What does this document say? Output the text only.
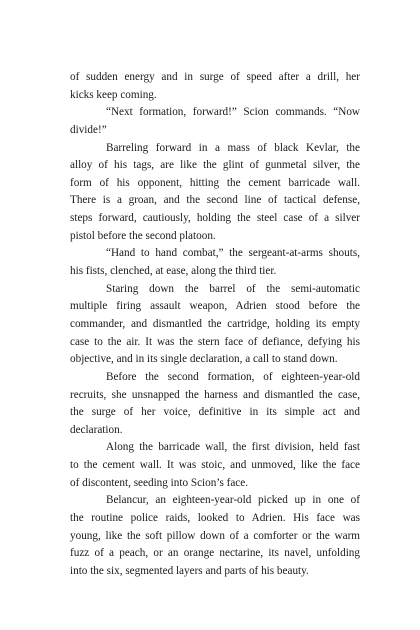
of sudden energy and in surge of speed after a drill, her
kicks keep coming.
“Next formation, forward!” Scion commands. “Now
divide!”
Barreling forward in a mass of black Kevlar, the
alloy of his tags, are like the glint of gunmetal silver, the
form of his opponent, hitting the cement barricade wall.
There is a groan, and the second line of tactical defense,
steps forward, cautiously, holding the steel case of a silver
pistol before the second platoon.
“Hand to hand combat,” the sergeant-at-arms shouts,
his fists, clenched, at ease, along the third tier.
Staring down the barrel of the semi-automatic
multiple firing assault weapon, Adrien stood before the
commander, and dismantled the cartridge, holding its empty
case to the air. It was the stern face of defiance, defying his
objective, and in its single declaration, a call to stand down.
Before the second formation, of eighteen-year-old
recruits, she unsnapped the harness and dismantled the case,
the surge of her voice, definitive in its simple act and
declaration.
Along the barricade wall, the first division, held fast
to the cement wall. It was stoic, and unmoved, like the face
of discontent, seeding into Scion’s face.
Belancur, an eighteen-year-old picked up in one of
the routine police raids, looked to Adrien. His face was
young, like the soft pillow down of a comforter or the warm
fuzz of a peach, or an orange nectarine, its navel, unfolding
into the six, segmented layers and parts of his beauty.
